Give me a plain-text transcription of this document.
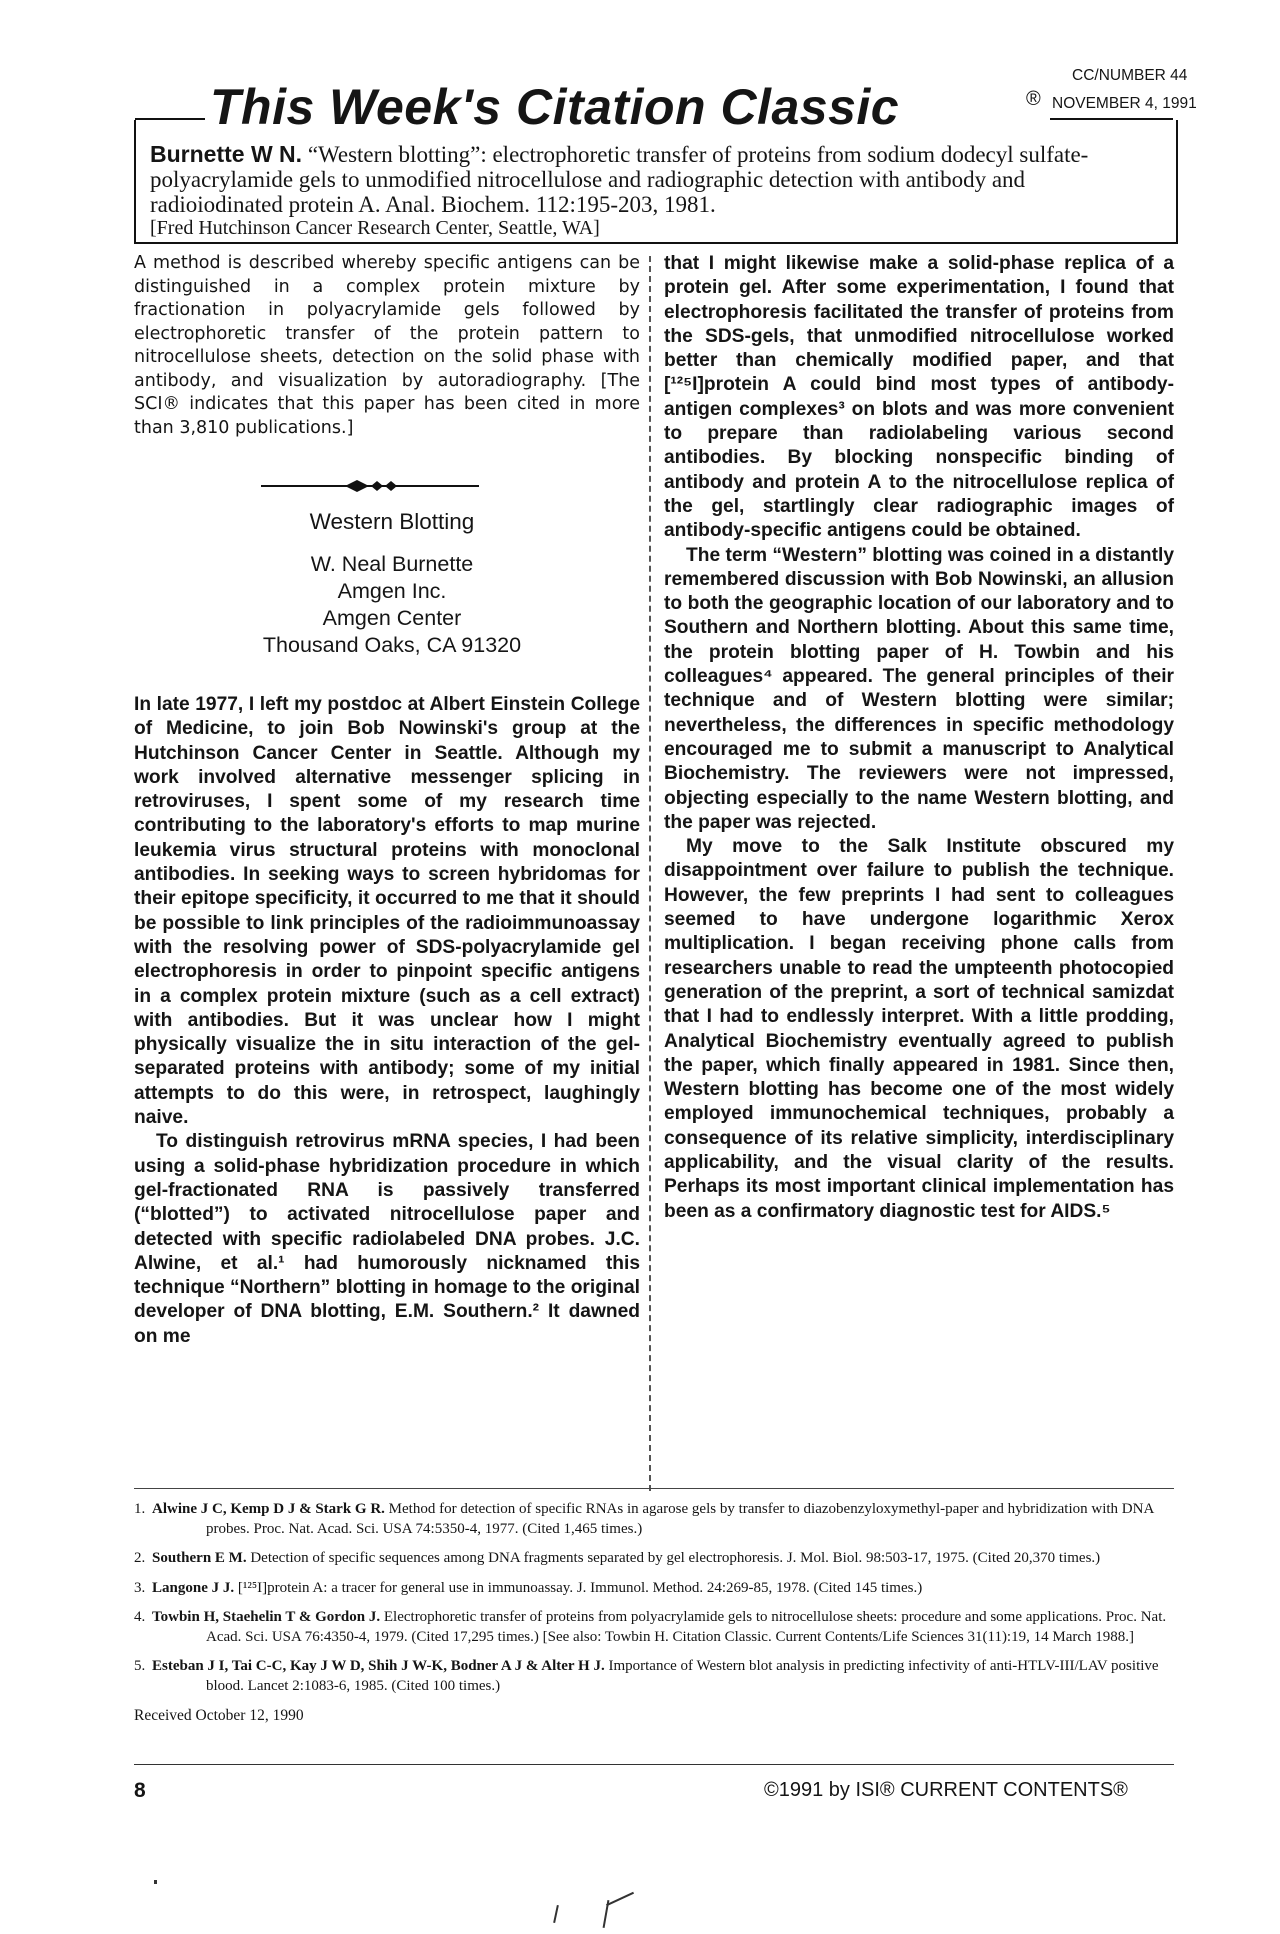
This Week's Citation Classic	®
CC/NUMBER 44
NOVEMBER 4, 1991
Burnette W N. “Western blotting”: electrophoretic transfer of proteins from sodium dodecyl sulfate-polyacrylamide gels to unmodified nitrocellulose and radiographic detection with antibody and radioiodinated protein A. Anal. Biochem. 112:195-203, 1981.
[Fred Hutchinson Cancer Research Center, Seattle, WA]

A method is described whereby specific antigens can be distinguished in a complex protein mixture by fractionation in polyacrylamide gels followed by electrophoretic transfer of the protein pattern to nitrocellulose sheets, detection on the solid phase with antibody, and visualization by autoradiography. [The SCI® indicates that this paper has been cited in more than 3,810 publications.]

Western Blotting
W. Neal Burnette
Amgen Inc.
Amgen Center
Thousand Oaks, CA 91320

In late 1977, I left my postdoc at Albert Einstein College of Medicine, to join Bob Nowinski's group at the Hutchinson Cancer Center in Seattle. Although my work involved alternative messenger splicing in retroviruses, I spent some of my research time contributing to the laboratory's efforts to map murine leukemia virus structural proteins with monoclonal antibodies. In seeking ways to screen hybridomas for their epitope specificity, it occurred to me that it should be possible to link principles of the radioimmunoassay with the resolving power of SDS-polyacrylamide gel electrophoresis in order to pinpoint specific antigens in a complex protein mixture (such as a cell extract) with antibodies. But it was unclear how I might physically visualize the in situ interaction of the gel-separated proteins with antibody; some of my initial attempts to do this were, in retrospect, laughingly naive.

To distinguish retrovirus mRNA species, I had been using a solid-phase hybridization procedure in which gel-fractionated RNA is passively transferred (“blotted”) to activated nitrocellulose paper and detected with specific radiolabeled DNA probes. J.C. Alwine, et al.¹ had humorously nicknamed this technique “Northern” blotting in homage to the original developer of DNA blotting, E.M. Southern.² It dawned on me

that I might likewise make a solid-phase replica of a protein gel. After some experimentation, I found that electrophoresis facilitated the transfer of proteins from the SDS-gels, that unmodified nitrocellulose worked better than chemically modified paper, and that [¹²⁵I]protein A could bind most types of antibody-antigen complexes³ on blots and was more convenient to prepare than radiolabeling various second antibodies. By blocking nonspecific binding of antibody and protein A to the nitrocellulose replica of the gel, startlingly clear radiographic images of antibody-specific antigens could be obtained.

The term “Western” blotting was coined in a distantly remembered discussion with Bob Nowinski, an allusion to both the geographic location of our laboratory and to Southern and Northern blotting. About this same time, the protein blotting paper of H. Towbin and his colleagues⁴ appeared. The general principles of their technique and of Western blotting were similar; nevertheless, the differences in specific methodology encouraged me to submit a manuscript to Analytical Biochemistry. The reviewers were not impressed, objecting especially to the name Western blotting, and the paper was rejected.

My move to the Salk Institute obscured my disappointment over failure to publish the technique. However, the few preprints I had sent to colleagues seemed to have undergone logarithmic Xerox multiplication. I began receiving phone calls from researchers unable to read the umpteenth photocopied generation of the preprint, a sort of technical samizdat that I had to endlessly interpret. With a little prodding, Analytical Biochemistry eventually agreed to publish the paper, which finally appeared in 1981. Since then, Western blotting has become one of the most widely employed immunochemical techniques, probably a consequence of its relative simplicity, interdisciplinary applicability, and the visual clarity of the results. Perhaps its most important clinical implementation has been as a confirmatory diagnostic test for AIDS.⁵

1. Alwine J C, Kemp D J & Stark G R. Method for detection of specific RNAs in agarose gels by transfer to diazobenzyloxymethyl-paper and hybridization with DNA probes. Proc. Nat. Acad. Sci. USA 74:5350-4, 1977. (Cited 1,465 times.)
2. Southern E M. Detection of specific sequences among DNA fragments separated by gel electrophoresis. J. Mol. Biol. 98:503-17, 1975. (Cited 20,370 times.)
3. Langone J J. [¹²⁵I]protein A: a tracer for general use in immunoassay. J. Immunol. Method. 24:269-85, 1978. (Cited 145 times.)
4. Towbin H, Staehelin T & Gordon J. Electrophoretic transfer of proteins from polyacrylamide gels to nitrocellulose sheets: procedure and some applications. Proc. Nat. Acad. Sci. USA 76:4350-4, 1979. (Cited 17,295 times.) [See also: Towbin H. Citation Classic. Current Contents/Life Sciences 31(11):19, 14 March 1988.]
5. Esteban J I, Tai C-C, Kay J W D, Shih J W-K, Bodner A J & Alter H J. Importance of Western blot analysis in predicting infectivity of anti-HTLV-III/LAV positive blood. Lancet 2:1083-6, 1985. (Cited 100 times.)
Received October 12, 1990
8	©1991 by ISI® CURRENT CONTENTS®
